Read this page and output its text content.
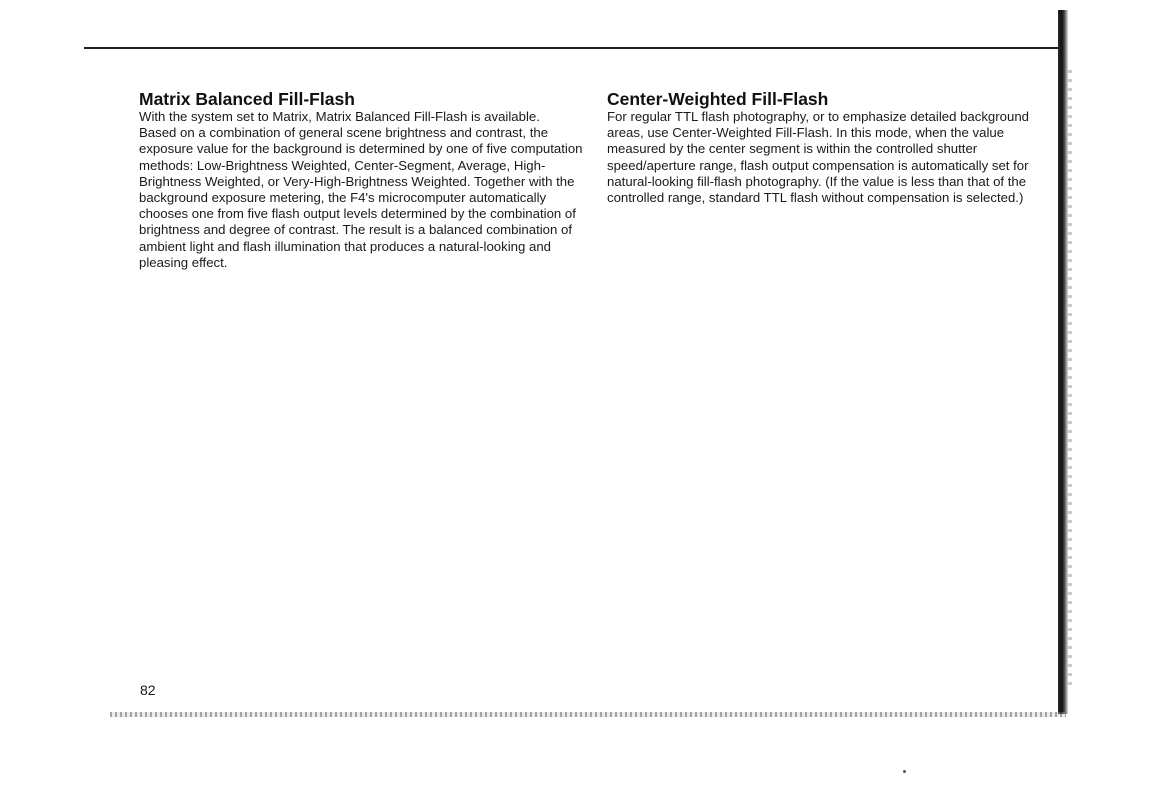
Matrix Balanced Fill-Flash

With the system set to Matrix, Matrix Balanced Fill-Flash is available.

Based on a combination of general scene brightness and contrast, the exposure value for the background is determined by one of five computation methods: Low-Brightness Weighted, Center-Segment, Average, High-Brightness Weighted, or Very-High-Brightness Weighted. Together with the background exposure metering, the F4's microcomputer automatically chooses one from five flash output levels determined by the combination of brightness and degree of contrast. The result is a balanced combination of ambient light and flash illumination that produces a natural-looking and pleasing effect.

Center-Weighted Fill-Flash

For regular TTL flash photography, or to emphasize detailed background areas, use Center-Weighted Fill-Flash. In this mode, when the value measured by the center segment is within the controlled shutter speed/aperture range, flash output compensation is automatically set for natural-looking fill-flash photography. (If the value is less than that of the controlled range, standard TTL flash without compensation is selected.)

82
